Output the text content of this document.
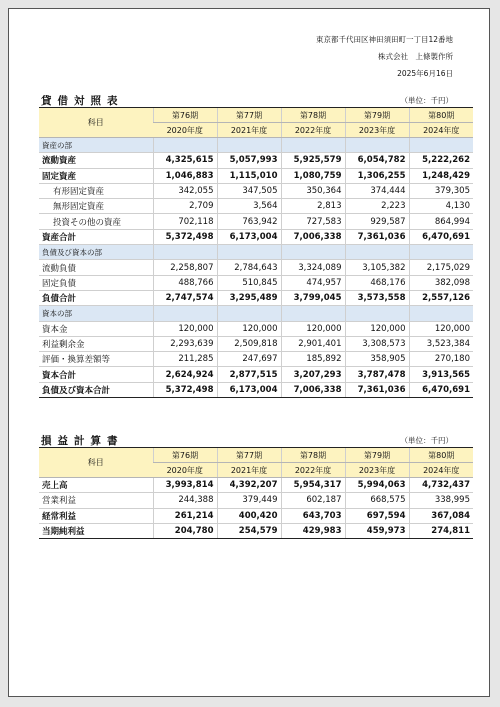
東京都千代田区神田須田町一丁目12番地
株式会社　上條製作所
2025年6月16日
貸借対照表	（単位：千円）
科目	第76期	第77期	第78期	第79期	第80期
	2020年度	2021年度	2022年度	2023年度	2024年度
資産の部					
流動資産	4,325,615	5,057,993	5,925,579	6,054,782	5,222,262
固定資産	1,046,883	1,115,010	1,080,759	1,306,255	1,248,429
有形固定資産	342,055	347,505	350,364	374,444	379,305
無形固定資産	2,709	3,564	2,813	2,223	4,130
投資その他の資産	702,118	763,942	727,583	929,587	864,994
資産合計	5,372,498	6,173,004	7,006,338	7,361,036	6,470,691
負債及び資本の部					
流動負債	2,258,807	2,784,643	3,324,089	3,105,382	2,175,029
固定負債	488,766	510,845	474,957	468,176	382,098
負債合計	2,747,574	3,295,489	3,799,045	3,573,558	2,557,126
資本の部					
資本金	120,000	120,000	120,000	120,000	120,000
利益剰余金	2,293,639	2,509,818	2,901,401	3,308,573	3,523,384
評価・換算差額等	211,285	247,697	185,892	358,905	270,180
資本合計	2,624,924	2,877,515	3,207,293	3,787,478	3,913,565
負債及び資本合計	5,372,498	6,173,004	7,006,338	7,361,036	6,470,691
損益計算書	（単位：千円）
科目	第76期	第77期	第78期	第79期	第80期
	2020年度	2021年度	2022年度	2023年度	2024年度
売上高	3,993,814	4,392,207	5,954,317	5,994,063	4,732,437
営業利益	244,388	379,449	602,187	668,575	338,995
経常利益	261,214	400,420	643,703	697,594	367,084
当期純利益	204,780	254,579	429,983	459,973	274,811
